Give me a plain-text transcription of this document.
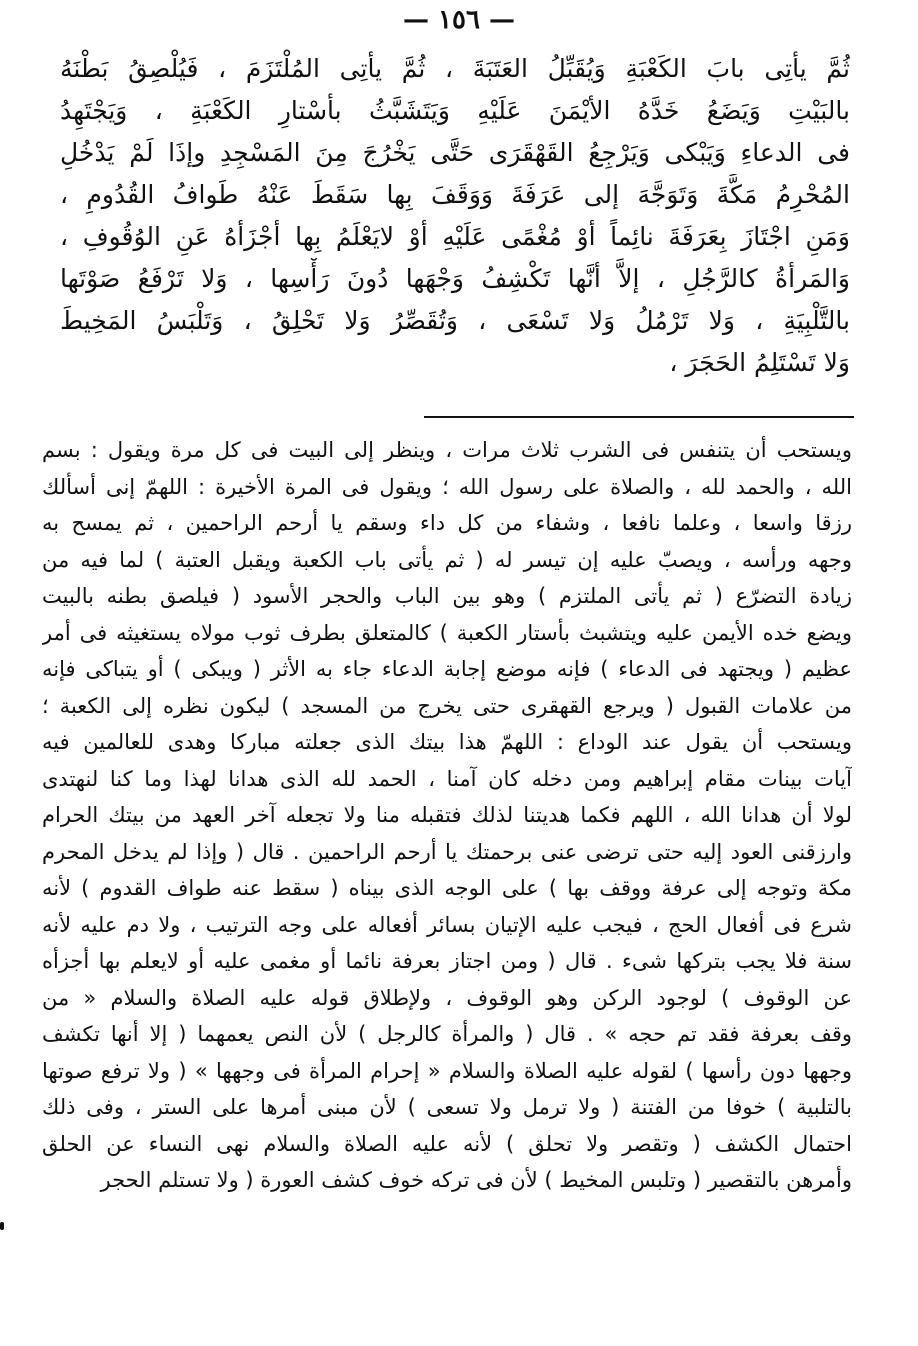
— ١٥٦ —
ثُمَّ يأتِى بابَ الكَعْبَةِ وَيُقَبِّلُ العَتَبَةَ ، ثُمَّ يأتِى المُلْتَزَمَ ، فَيُلْصِقُ بَطْنَهُ
بالبَيْتِ وَيَضَعُ خَدَّهُ الأيْمَنَ عَلَيْهِ وَيَتَشَبَّثُ بأسْتارِ الكَعْبَةِ ، وَيَجْتَهِدُ
فى الدعاءِ وَيَبْكى وَيَرْجِعُ القَهْقَرَى حَتَّى يَخْرُجَ مِنَ المَسْجِدِ وإذَا لَمْ يَدْخُلِ
المُحْرِمُ مَكَّةَ وَتَوَجَّهَ إلى عَرَفَةَ وَوَقَفَ بِها سَقَطَ عَنْهُ طَوافُ القُدُومِ ،
وَمَنِ اجْتَازَ بِعَرَفَةَ نائِماً أوْ مُغْمًى عَلَيْهِ أوْ لايَعْلَمُ بِها أجْزَأهُ عَنِ الوُقُوفِ ،
وَالمَرأةُ كالرَّجُلِ ، إلاَّ أنَّها تَكْشِفُ وَجْهَها دُونَ رَأْسِها ، وَلا تَرْفَعُ صَوْتَها
بالتَّلْبِيَةِ ، وَلا تَرْمُلُ وَلا تَسْعَى ، وَتُقَصِّرُ وَلا تَحْلِقُ ، وَتَلْبَسُ المَخِيطَ
وَلا تَسْتَلِمُ الحَجَرَ ،
ويستحب أن يتنفس فى الشرب ثلاث مرات ، وينظر إلى البيت فى كل مرة ويقول : بسم
الله ، والحمد لله ، والصلاة على رسول الله ؛ ويقول فى المرة الأخيرة : اللهمّ إنى أسألك
رزقا واسعا ، وعلما نافعا ، وشفاء من كل داء وسقم يا أرحم الراحمين ، ثم يمسح به
وجهه ورأسه ، ويصبّ عليه إن تيسر له ( ثم يأتى باب الكعبة ويقبل العتبة ) لما فيه من
زيادة التضرّع ( ثم يأتى الملتزم ) وهو بين الباب والحجر الأسود ( فيلصق بطنه بالبيت
ويضع خده الأيمن عليه ويتشبث بأستار الكعبة ) كالمتعلق بطرف ثوب مولاه يستغيثه فى أمر
عظيم ( ويجتهد فى الدعاء ) فإنه موضع إجابة الدعاء جاء به الأثر ( ويبكى ) أو يتباكى فإنه
من علامات القبول ( ويرجع القهقرى حتى يخرج من المسجد ) ليكون نظره إلى الكعبة ؛
ويستحب أن يقول عند الوداع : اللهمّ هذا بيتك الذى جعلته مباركا وهدى للعالمين فيه
آيات بينات مقام إبراهيم ومن دخله كان آمنا ، الحمد لله الذى هدانا لهذا وما كنا لنهتدى
لولا أن هدانا الله ، اللهم فكما هديتنا لذلك فتقبله منا ولا تجعله آخر العهد من بيتك الحرام
وارزقنى العود إليه حتى ترضى عنى برحمتك يا أرحم الراحمين . قال ( وإذا لم يدخل المحرم
مكة وتوجه إلى عرفة ووقف بها ) على الوجه الذى بيناه ( سقط عنه طواف القدوم ) لأنه
شرع فى أفعال الحج ، فيجب عليه الإتيان بسائر أفعاله على وجه الترتيب ، ولا دم عليه لأنه
سنة فلا يجب بتركها شىء . قال ( ومن اجتاز بعرفة نائما أو مغمى عليه أو لايعلم بها أجزأه
عن الوقوف ) لوجود الركن وهو الوقوف ، ولإطلاق قوله عليه الصلاة والسلام « من
وقف بعرفة فقد تم حجه » . قال ( والمرأة كالرجل ) لأن النص يعمهما ( إلا أنها تكشف
وجهها دون رأسها ) لقوله عليه الصلاة والسلام « إحرام المرأة فى وجهها » ( ولا ترفع صوتها
بالتلبية ) خوفا من الفتنة ( ولا ترمل ولا تسعى ) لأن مبنى أمرها على الستر ، وفى ذلك
احتمال الكشف ( وتقصر ولا تحلق ) لأنه عليه الصلاة والسلام نهى النساء عن الحلق
وأمرهن بالتقصير ( وتلبس المخيط ) لأن فى تركه خوف كشف العورة ( ولا تستلم الحجر
